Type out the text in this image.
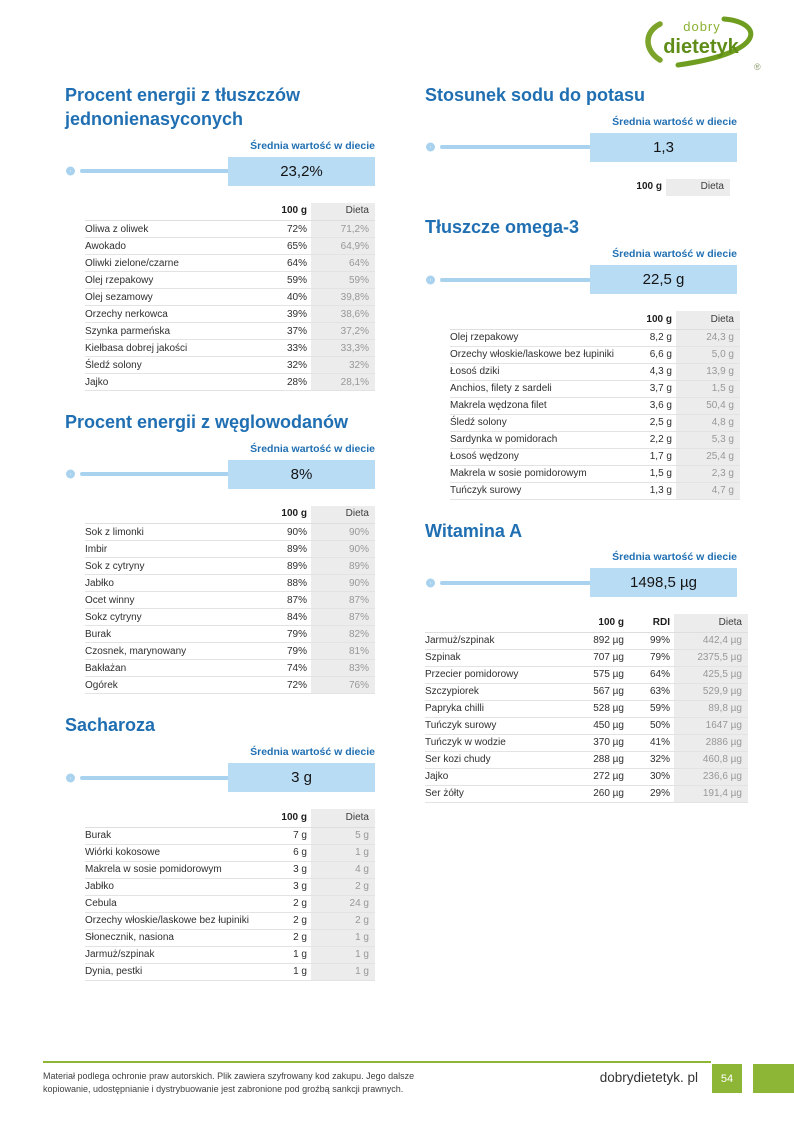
dobry
dietetyk
®
Procent energii z tłuszczów jednonienasyconych
Średnia wartość w diecie
23,2%
	100 g	Dieta
Oliwa z oliwek	72%	71,2%
Awokado	65%	64,9%
Oliwki zielone/czarne	64%	64%
Olej rzepakowy	59%	59%
Olej sezamowy	40%	39,8%
Orzechy nerkowca	39%	38,6%
Szynka parmeńska	37%	37,2%
Kiełbasa dobrej jakości	33%	33,3%
Śledź solony	32%	32%
Jajko	28%	28,1%
Procent energii z węglowodanów
Średnia wartość w diecie
8%
	100 g	Dieta
Sok z limonki	90%	90%
Imbir	89%	90%
Sok z cytryny	89%	89%
Jabłko	88%	90%
Ocet winny	87%	87%
Sokz cytryny	84%	87%
Burak	79%	82%
Czosnek, marynowany	79%	81%
Bakłażan	74%	83%
Ogórek	72%	76%
Sacharoza
Średnia wartość w diecie
3 g
	100 g	Dieta
Burak	7 g	5 g
Wiórki kokosowe	6 g	1 g
Makrela w sosie pomidorowym	3 g	4 g
Jabłko	3 g	2 g
Cebula	2 g	24 g
Orzechy włoskie/laskowe bez łupiniki	2 g	2 g
Słonecznik, nasiona	2 g	1 g
Jarmuż/szpinak	1 g	1 g
Dynia, pestki	1 g	1 g
Stosunek sodu do potasu
Średnia wartość w diecie
1,3
	100 g	Dieta
Tłuszcze omega-3
Średnia wartość w diecie
22,5 g
	100 g	Dieta
Olej rzepakowy	8,2 g	24,3 g
Orzechy włoskie/laskowe bez łupiniki	6,6 g	5,0 g
Łosoś dziki	4,3 g	13,9 g
Anchios, filety z sardeli	3,7 g	1,5 g
Makrela wędzona filet	3,6 g	50,4 g
Śledź solony	2,5 g	4,8 g
Sardynka w pomidorach	2,2 g	5,3 g
Łosoś wędzony	1,7 g	25,4 g
Makrela w sosie pomidorowym	1,5 g	2,3 g
Tuńczyk surowy	1,3 g	4,7 g
Witamina A
Średnia wartość w diecie
1498,5 µg
	100 g	RDI	Dieta
Jarmuż/szpinak	892 µg	99%	442,4 µg
Szpinak	707 µg	79%	2375,5 µg
Przecier pomidorowy	575 µg	64%	425,5 µg
Szczypiorek	567 µg	63%	529,9 µg
Papryka chilli	528 µg	59%	89,8 µg
Tuńczyk surowy	450 µg	50%	1647 µg
Tuńczyk w wodzie	370 µg	41%	2886 µg
Ser kozi chudy	288 µg	32%	460,8 µg
Jajko	272 µg	30%	236,6 µg
Ser żółty	260 µg	29%	191,4 µg

Materiał podlega ochronie praw autorskich. Plik zawiera szyfrowany kod zakupu. Jego dalsze
kopiowanie, udostępnianie i dystrybuowanie jest zabronione pod groźbą sankcji prawnych.

dobrydietetyk. pl	54
